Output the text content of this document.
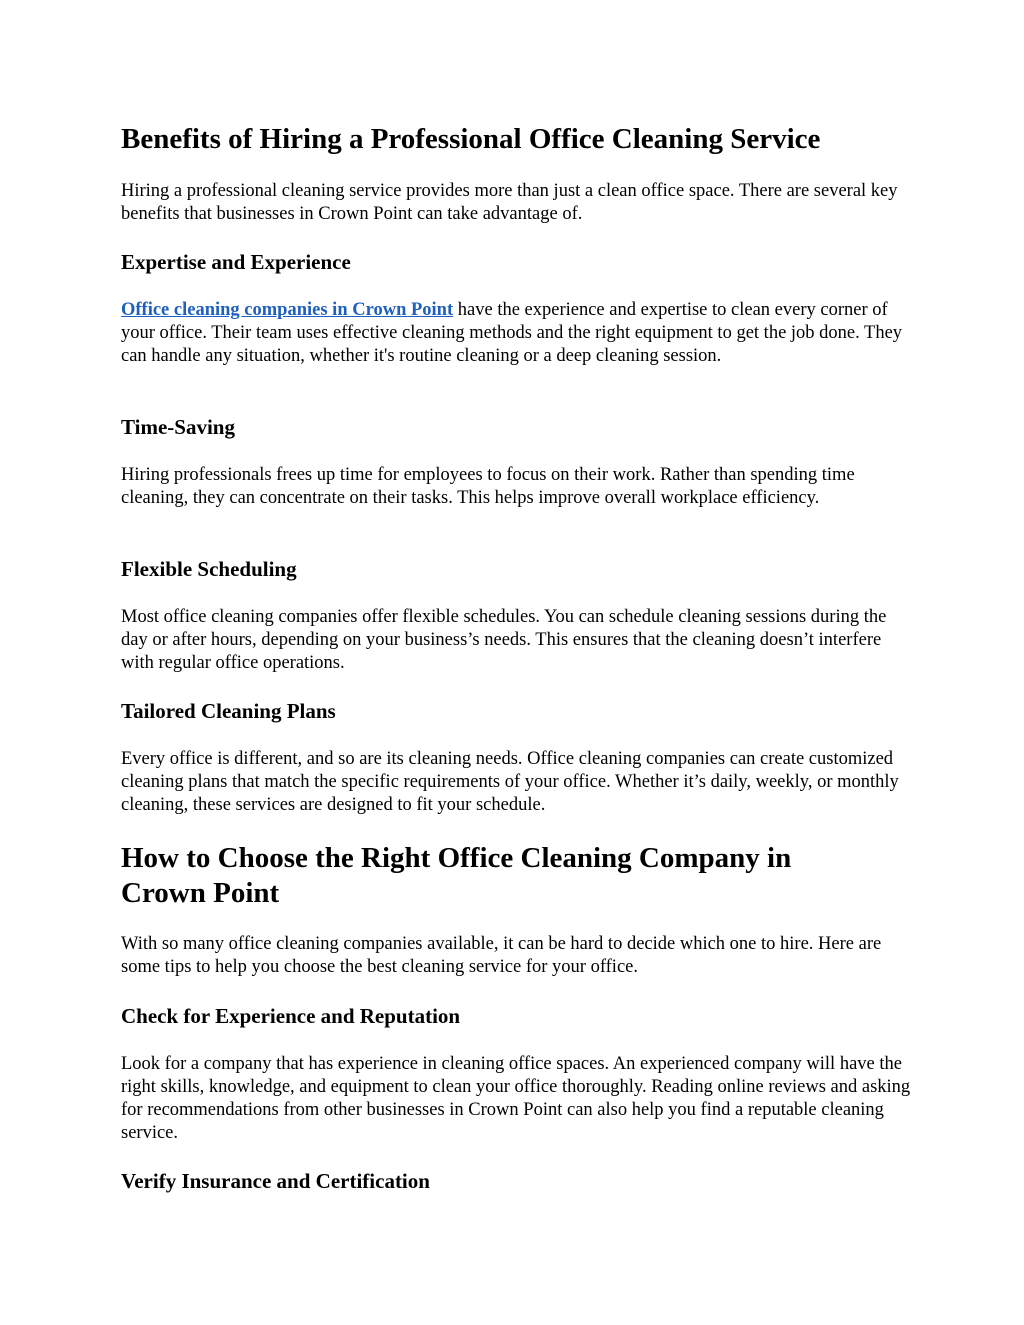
Benefits of Hiring a Professional Office Cleaning Service

Hiring a professional cleaning service provides more than just a clean office space. There are several key benefits that businesses in Crown Point can take advantage of.

Expertise and Experience

Office cleaning companies in Crown Point have the experience and expertise to clean every corner of your office. Their team uses effective cleaning methods and the right equipment to get the job done. They can handle any situation, whether it's routine cleaning or a deep cleaning session.

Time-Saving

Hiring professionals frees up time for employees to focus on their work. Rather than spending time cleaning, they can concentrate on their tasks. This helps improve overall workplace efficiency.

Flexible Scheduling

Most office cleaning companies offer flexible schedules. You can schedule cleaning sessions during the day or after hours, depending on your business’s needs. This ensures that the cleaning doesn’t interfere with regular office operations.

Tailored Cleaning Plans

Every office is different, and so are its cleaning needs. Office cleaning companies can create customized cleaning plans that match the specific requirements of your office. Whether it’s daily, weekly, or monthly cleaning, these services are designed to fit your schedule.

How to Choose the Right Office Cleaning Company in Crown Point

With so many office cleaning companies available, it can be hard to decide which one to hire. Here are some tips to help you choose the best cleaning service for your office.

Check for Experience and Reputation

Look for a company that has experience in cleaning office spaces. An experienced company will have the right skills, knowledge, and equipment to clean your office thoroughly. Reading online reviews and asking for recommendations from other businesses in Crown Point can also help you find a reputable cleaning service.

Verify Insurance and Certification
